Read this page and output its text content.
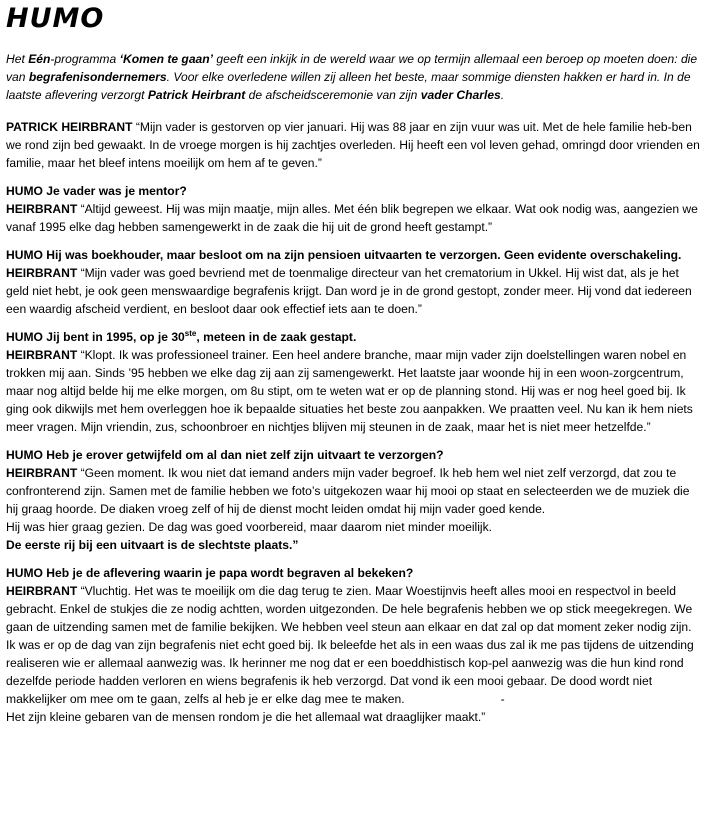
HUMO

Het Eén-programma ‘Komen te gaan’ geeft een inkijk in de wereld waar we op termijn allemaal een beroep op moeten doen: die van begrafenisondernemers. Voor elke overledene willen zij alleen het beste, maar sommige diensten hakken er hard in. In de laatste aflevering verzorgt Patrick Heirbrant de afscheidsceremonie van zijn vader Charles.

PATRICK HEIRBRANT “Mijn vader is gestorven op vier januari. Hij was 88 jaar en zijn vuur was uit. Met de hele familie heb-ben we rond zijn bed gewaakt. In de vroege morgen is hij zachtjes overleden. Hij heeft een vol leven gehad, omringd door vrienden en familie, maar het bleef intens moeilijk om hem af te geven.”

HUMO Je vader was je mentor?

HEIRBRANT “Altijd geweest. Hij was mijn maatje, mijn alles. Met één blik begrepen we elkaar. Wat ook nodig was, aangezien we vanaf 1995 elke dag hebben samengewerkt in de zaak die hij uit de grond heeft gestampt.”

HUMO Hij was boekhouder, maar besloot om na zijn pensioen uitvaarten te verzorgen. Geen evidente overschakeling.

HEIRBRANT “Mijn vader was goed bevriend met de toenmalige directeur van het crematorium in Ukkel. Hij wist dat, als je het geld niet hebt, je ook geen menswaardige begrafenis krijgt. Dan word je in de grond gestopt, zonder meer. Hij vond dat iedereen een waardig afscheid verdient, en besloot daar ook effectief iets aan te doen.”

HUMO Jij bent in 1995, op je 30ste, meteen in de zaak gestapt.

HEIRBRANT “Klopt. Ik was professioneel trainer. Een heel andere branche, maar mijn vader zijn doelstellingen waren nobel en trokken mij aan. Sinds ’95 hebben we elke dag zij aan zij samengewerkt. Het laatste jaar woonde hij in een woon-zorgcentrum, maar nog altijd belde hij me elke morgen, om 8u stipt, om te weten wat er op de planning stond. Hij was er nog heel goed bij. Ik ging ook dikwijls met hem overleggen hoe ik bepaalde situaties het beste zou aanpakken. We praatten veel. Nu kan ik hem niets meer vragen. Mijn vriendin, zus, schoonbroer en nichtjes blijven mij steunen in de zaak, maar het is niet meer hetzelfde.”

HUMO Heb je erover getwijfeld om al dan niet zelf zijn uitvaart te verzorgen?

HEIRBRANT “Geen moment. Ik wou niet dat iemand anders mijn vader begroef. Ik heb hem wel niet zelf verzorgd, dat zou te confronterend zijn. Samen met de familie hebben we foto’s uitgekozen waar hij mooi op staat en selecteerden we de muziek die hij graag hoorde. De diaken vroeg zelf of hij de dienst mocht leiden omdat hij mijn vader goed kende.

Hij was hier graag gezien. De dag was goed voorbereid, maar daarom niet minder moeilijk.

De eerste rij bij een uitvaart is de slechtste plaats.”

HUMO Heb je de aflevering waarin je papa wordt begraven al bekeken?

HEIRBRANT “Vluchtig. Het was te moeilijk om die dag terug te zien. Maar Woestijnvis heeft alles mooi en respectvol in beeld gebracht. Enkel de stukjes die ze nodig achtten, worden uitgezonden. De hele begrafenis hebben we op stick meegekregen. We gaan de uitzending samen met de familie bekijken. We hebben veel steun aan elkaar en dat zal op dat moment zeker nodig zijn. Ik was er op de dag van zijn begrafenis niet echt goed bij. Ik beleefde het als in een waas dus zal ik me pas tijdens de uitzending realiseren wie er allemaal aanwezig was. Ik herinner me nog dat er een boeddhistisch kop-pel aanwezig was die hun kind rond dezelfde periode hadden verloren en wiens begrafenis ik heb verzorgd. Dat vond ik een mooi gebaar. De dood wordt niet makkelijker om mee om te gaan, zelfs al heb je er elke dag mee te maken.	-

Het zijn kleine gebaren van de mensen rondom je die het allemaal wat draaglijker maakt.”
